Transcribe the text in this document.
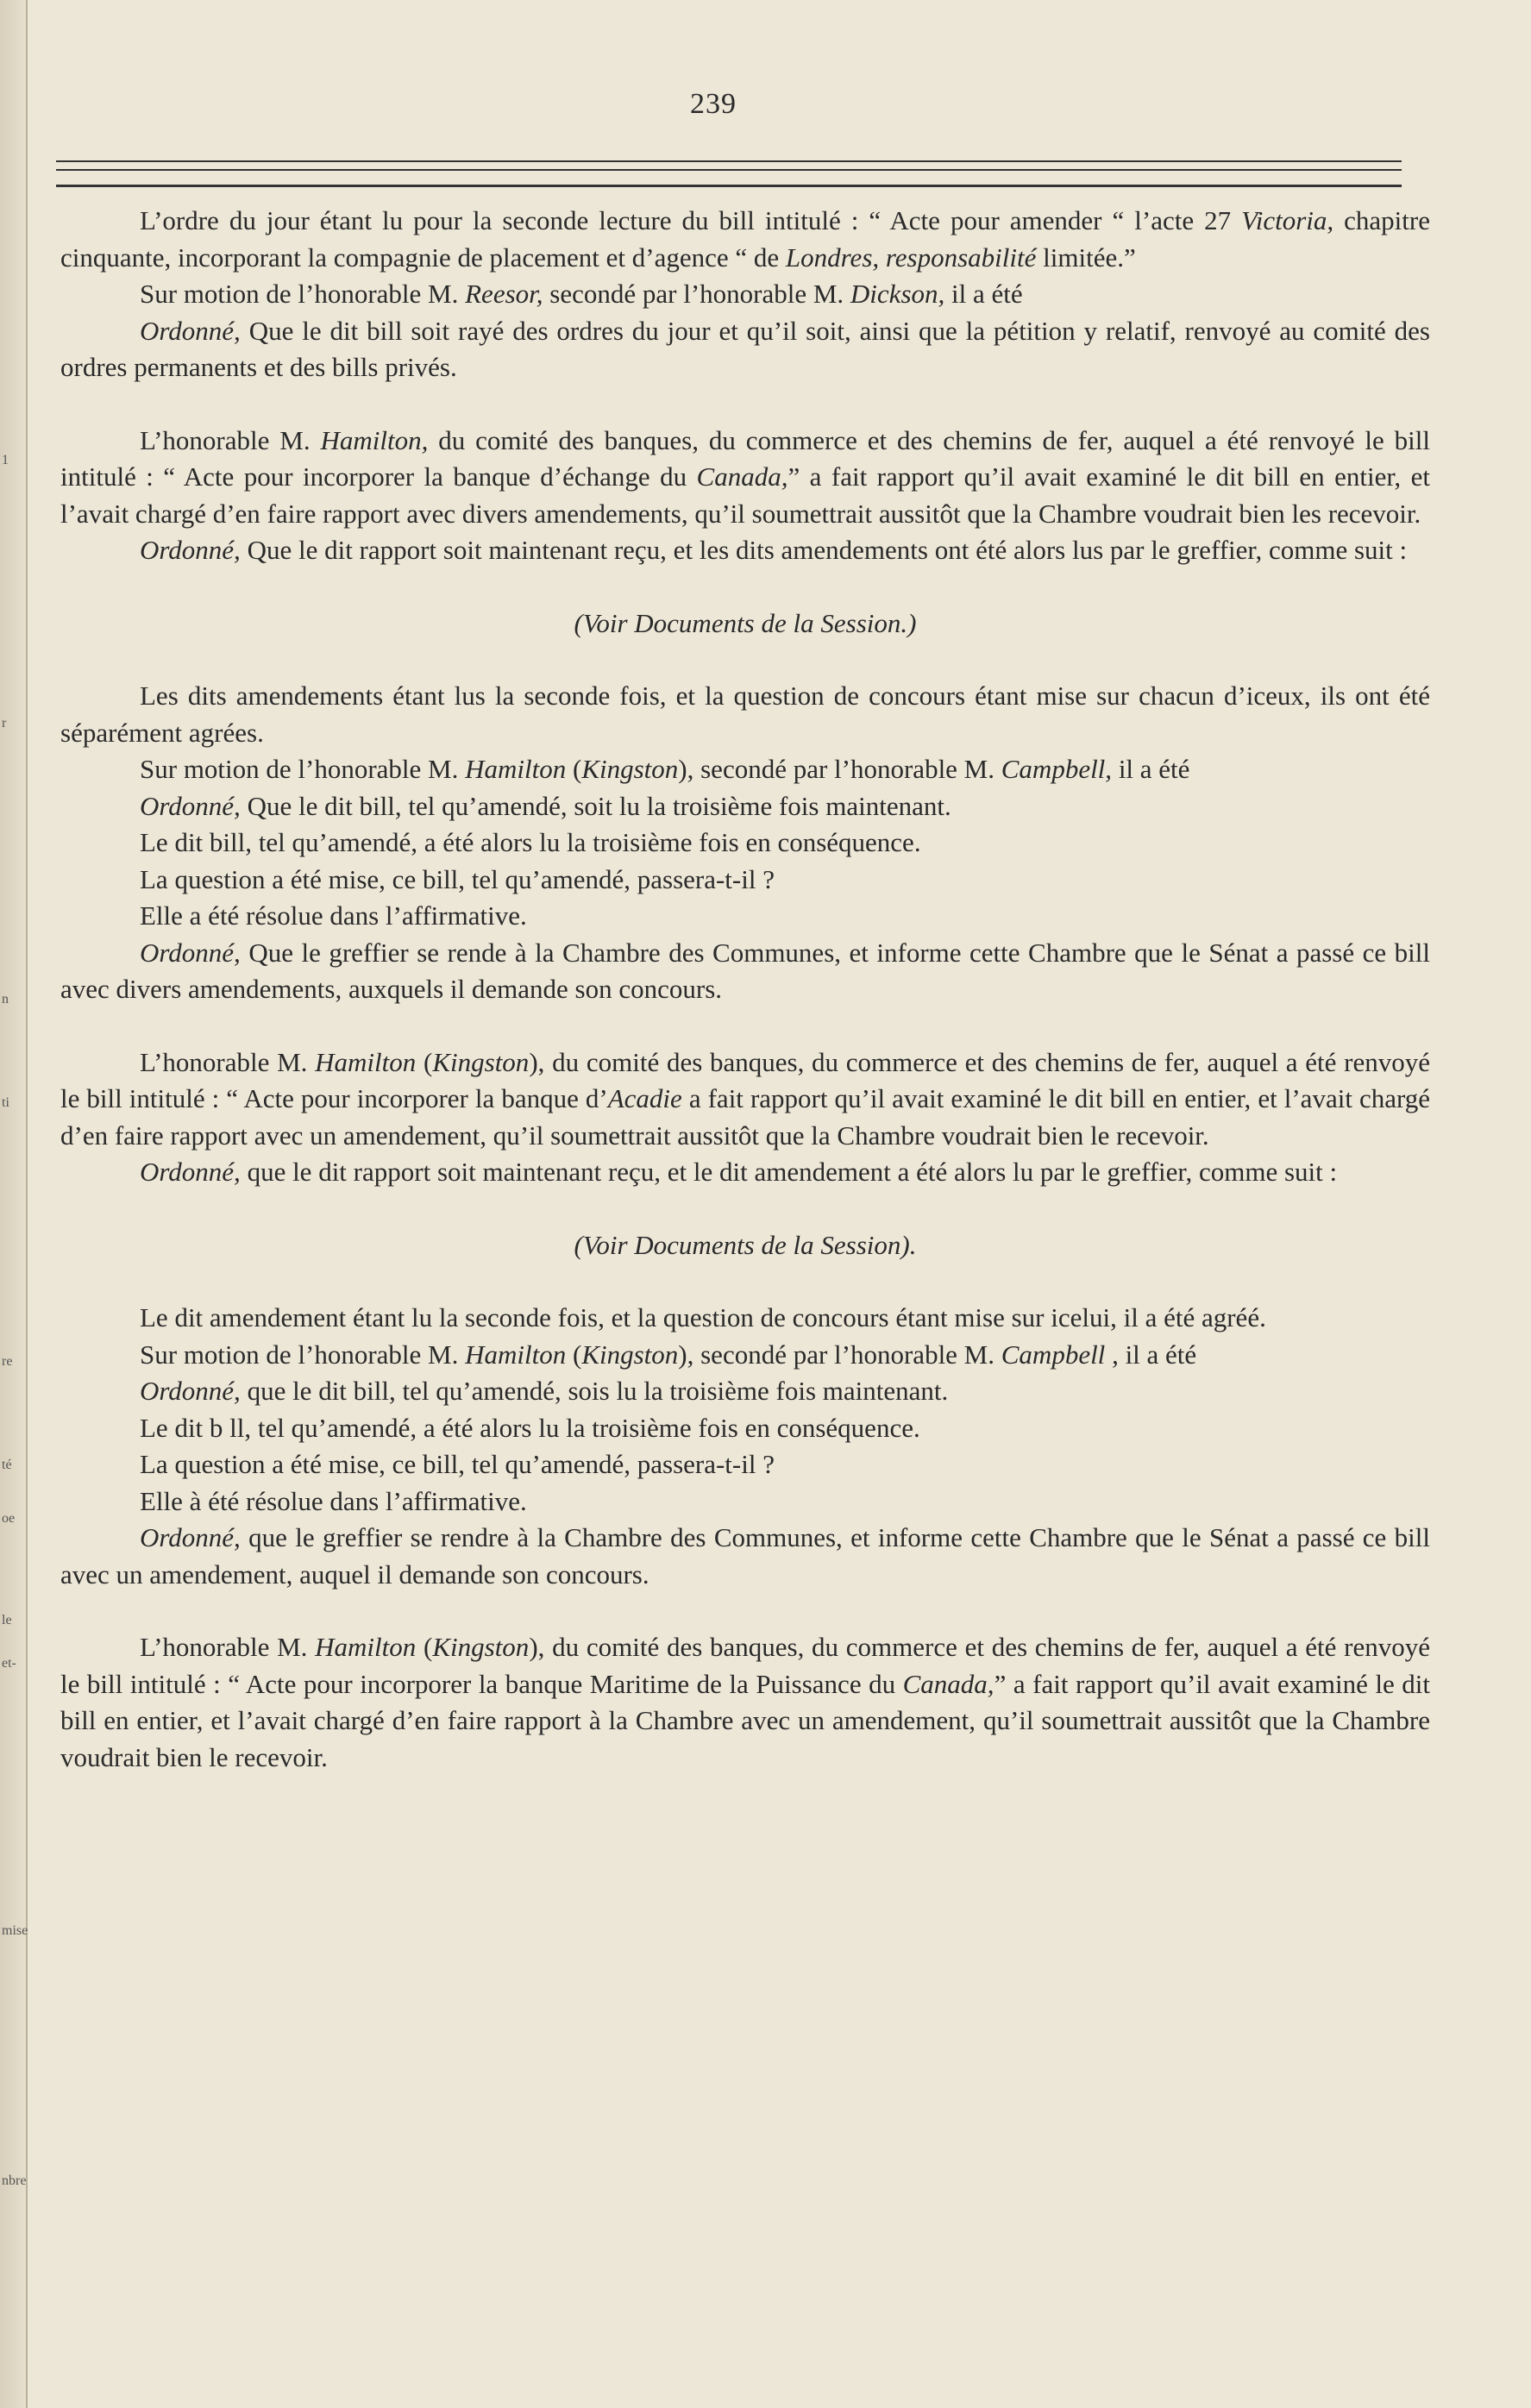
1
r
n
ti
re
té
oe
le
et-
mise
nbre
239

L’ordre du jour étant lu pour la seconde lecture du bill intitulé : “ Acte pour amender “ l’acte 27 Victoria, chapitre cinquante, incorporant la compagnie de placement et d’agence “ de Londres, responsabilité limitée.”

Sur motion de l’honorable M. Reesor, secondé par l’honorable M. Dickson, il a été

Ordonné, Que le dit bill soit rayé des ordres du jour et qu’il soit, ainsi que la pétition y relatif, renvoyé au comité des ordres permanents et des bills privés.

L’honorable M. Hamilton, du comité des banques, du commerce et des chemins de fer, auquel a été renvoyé le bill intitulé : “ Acte pour incorporer la banque d’échange du Canada,” a fait rapport qu’il avait examiné le dit bill en entier, et l’avait chargé d’en faire rapport avec divers amendements, qu’il soumettrait aussitôt que la Chambre voudrait bien les recevoir.

Ordonné, Que le dit rapport soit maintenant reçu, et les dits amendements ont été alors lus par le greffier, comme suit :

(Voir Documents de la Session.)

Les dits amendements étant lus la seconde fois, et la question de concours étant mise sur chacun d’iceux, ils ont été séparément agrées.

Sur motion de l’honorable M. Hamilton (Kingston), secondé par l’honorable M. Campbell, il a été

Ordonné, Que le dit bill, tel qu’amendé, soit lu la troisième fois maintenant.

Le dit bill, tel qu’amendé, a été alors lu la troisième fois en conséquence.

La question a été mise, ce bill, tel qu’amendé, passera-t-il ?

Elle a été résolue dans l’affirmative.

Ordonné, Que le greffier se rende à la Chambre des Communes, et informe cette Chambre que le Sénat a passé ce bill avec divers amendements, auxquels il demande son concours.

L’honorable M. Hamilton (Kingston), du comité des banques, du commerce et des chemins de fer, auquel a été renvoyé le bill intitulé : “ Acte pour incorporer la banque d’Acadie a fait rapport qu’il avait examiné le dit bill en entier, et l’avait chargé d’en faire rapport avec un amendement, qu’il soumettrait aussitôt que la Chambre voudrait bien le recevoir.

Ordonné, que le dit rapport soit maintenant reçu, et le dit amendement a été alors lu par le greffier, comme suit :

(Voir Documents de la Session).

Le dit amendement étant lu la seconde fois, et la question de concours étant mise sur icelui, il a été agréé.

Sur motion de l’honorable M. Hamilton (Kingston), secondé par l’honorable M. Campbell , il a été

Ordonné, que le dit bill, tel qu’amendé, sois lu la troisième fois maintenant.

Le dit b ll, tel qu’amendé, a été alors lu la troisième fois en conséquence.

La question a été mise, ce bill, tel qu’amendé, passera-t-il ?

Elle à été résolue dans l’affirmative.

Ordonné, que le greffier se rendre à la Chambre des Communes, et informe cette Chambre que le Sénat a passé ce bill avec un amendement, auquel il demande son concours.

L’honorable M. Hamilton (Kingston), du comité des banques, du commerce et des chemins de fer, auquel a été renvoyé le bill intitulé : “ Acte pour incorporer la banque Maritime de la Puissance du Canada,” a fait rapport qu’il avait examiné le dit bill en entier, et l’avait chargé d’en faire rapport à la Chambre avec un amendement, qu’il soumettrait aussitôt que la Chambre voudrait bien le recevoir.
